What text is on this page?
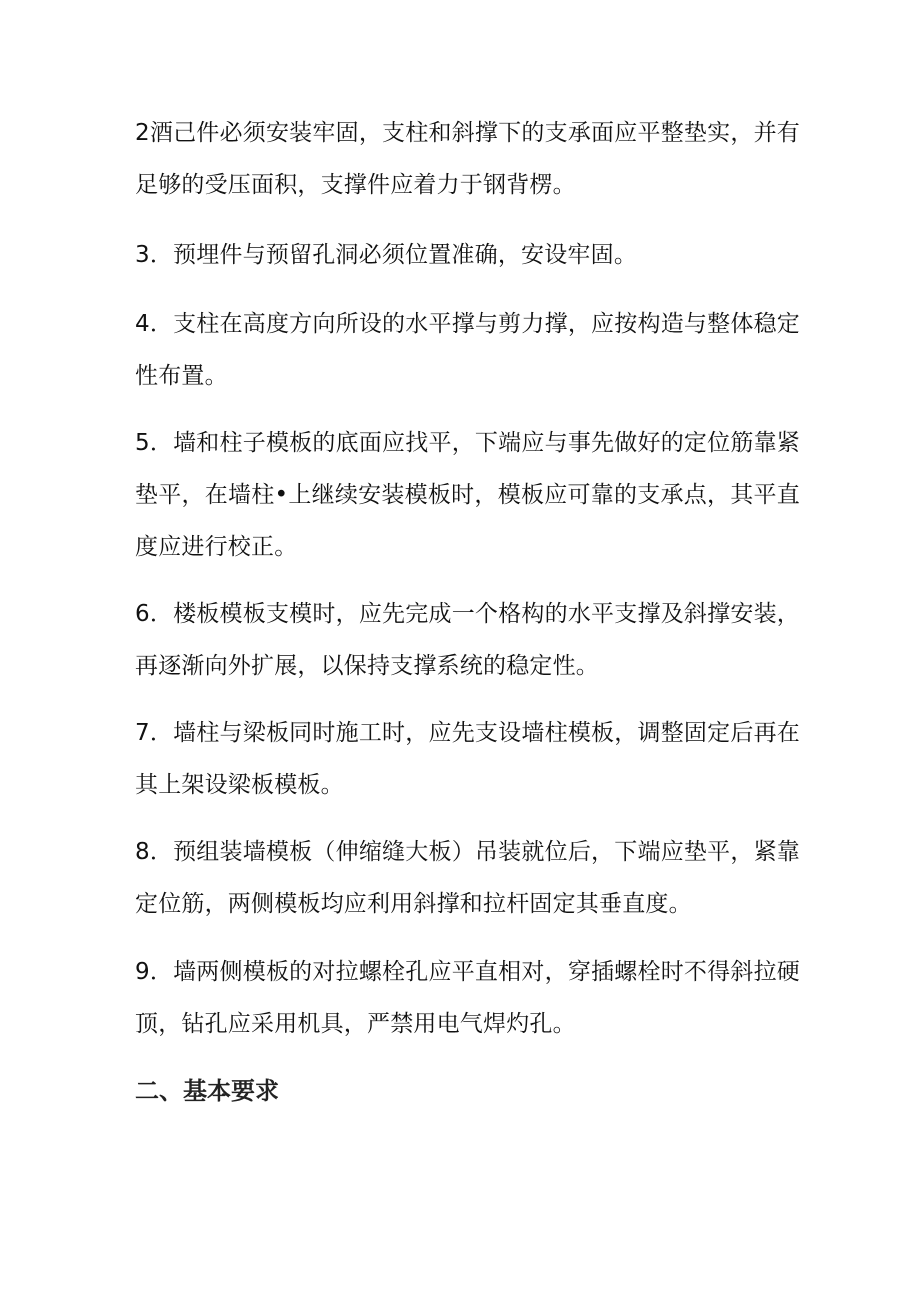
2酒己件必须安装牢固，支柱和斜撑下的支承面应平整垫实，并有足够的受压面积，支撑件应着力于钢背楞。

3．预埋件与预留孔洞必须位置准确，安设牢固。

4．支柱在高度方向所设的水平撑与剪力撑，应按构造与整体稳定性布置。

5．墙和柱子模板的底面应找平，下端应与事先做好的定位筋靠紧垫平，在墙柱•上继续安装模板时，模板应可靠的支承点，其平直度应进行校正。

6．楼板模板支模时，应先完成一个格构的水平支撑及斜撑安装，再逐渐向外扩展，以保持支撑系统的稳定性。

7．墙柱与梁板同时施工时，应先支设墙柱模板，调整固定后再在其上架设梁板模板。

8．预组装墙模板（伸缩缝大板）吊装就位后，下端应垫平，紧靠定位筋，两侧模板均应利用斜撑和拉杆固定其垂直度。

9．墙两侧模板的对拉螺栓孔应平直相对，穿插螺栓时不得斜拉硬顶，钻孔应采用机具，严禁用电气焊灼孔。

二、基本要求
